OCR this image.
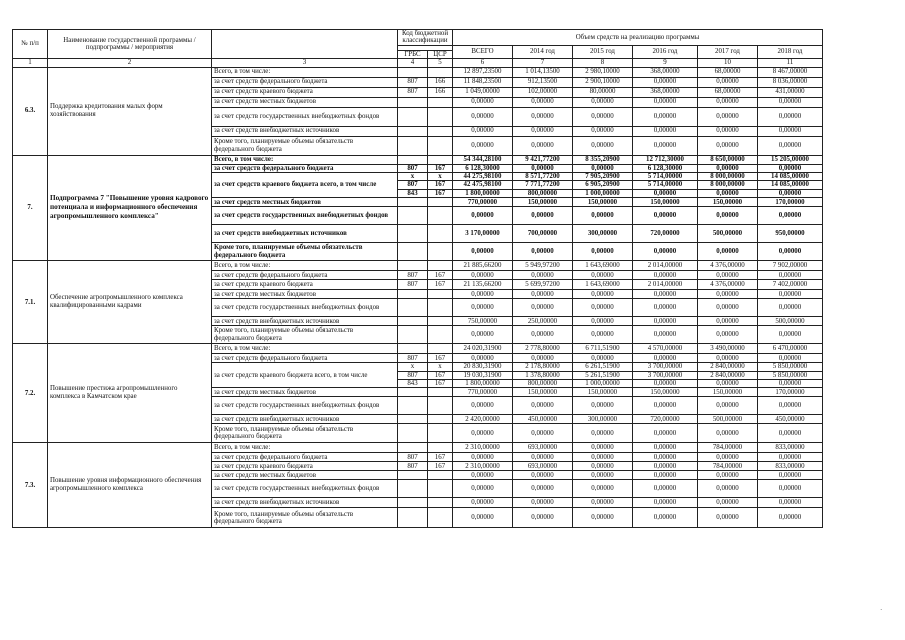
№ п/п	Наименование государственной программы / подпрограммы / мероприятия		Код бюджетной классификации		Объем средств на реализацию программы					
					ВСЕГО	2014 год	2015 год	2016 год	2017 год	2018 год
			ГРБС	ЦСР						
1	2	3	4	5	6	7	8	9	10	11
6.3.	Поддержка кредитования малых форм хозяйствования	Всего, в том числе:			12 897,23500	1 014,13500	2 980,10000	368,00000	68,00000	8 467,00000
		за счет средств федерального бюджета	807	166	11 848,23500	912,13500	2 900,10000	0,00000	0,00000	8 036,00000
		за счет средств краевого бюджета	807	166	1 049,00000	102,00000	80,00000	368,00000	68,00000	431,00000
		за счет средств местных бюджетов			0,00000	0,00000	0,00000	0,00000	0,00000	0,00000
		за счет средств государственных внебюджетных фондов			0,00000	0,00000	0,00000	0,00000	0,00000	0,00000
		за счет средств внебюджетных источников			0,00000	0,00000	0,00000	0,00000	0,00000	0,00000
		Кроме того, планируемые объемы обязательств федерального бюджета			0,00000	0,00000	0,00000	0,00000	0,00000	0,00000
7.	Подпрограмма 7 "Повышение уровня кадрового потенциала и информационного обеспечения агропромышленного комплекса"	Всего, в том числе:			54 344,28100	9 421,77200	8 355,20900	12 712,30000	8 650,00000	15 205,00000
		за счет средств федерального бюджета	807	167	6 128,30000	0,00000	0,00000	6 128,30000	0,00000	0,00000
		за счет средств краевого бюджета всего, в том числе	х	х	44 275,98100	8 571,77200	7 905,20900	5 714,00000	8 000,00000	14 085,00000
			807	167	42 475,98100	7 771,77200	6 905,20900	5 714,00000	8 000,00000	14 085,00000
			843	167	1 800,00000	800,00000	1 000,00000	0,00000	0,00000	0,00000
		за счет средств местных бюджетов			770,00000	150,00000	150,00000	150,00000	150,00000	170,00000
		за счет средств государственных внебюджетных фондов			0,00000	0,00000	0,00000	0,00000	0,00000	0,00000
		за счет средств внебюджетных источников			3 170,00000	700,00000	300,00000	720,00000	500,00000	950,00000
		Кроме того, планируемые объемы обязательств федерального бюджета			0,00000	0,00000	0,00000	0,00000	0,00000	0,00000
7.1.	Обеспечение агропромышленного комплекса квалифицированными кадрами	Всего, в том числе:			21 885,66200	5 949,97200	1 643,69000	2 014,00000	4 376,00000	7 902,00000
		за счет средств федерального бюджета	807	167	0,00000	0,00000	0,00000	0,00000	0,00000	0,00000
		за счет средств краевого бюджета	807	167	21 135,66200	5 699,97200	1 643,69000	2 014,00000	4 376,00000	7 402,00000
		за счет средств местных бюджетов			0,00000	0,00000	0,00000	0,00000	0,00000	0,00000
		за счет средств государственных внебюджетных фондов			0,00000	0,00000	0,00000	0,00000	0,00000	0,00000
		за счет средств внебюджетных источников			750,00000	250,00000	0,00000	0,00000	0,00000	500,00000
		Кроме того, планируемые объемы обязательств федерального бюджета			0,00000	0,00000	0,00000	0,00000	0,00000	0,00000
7.2.	Повышение престижа агропромышленного комплекса в Камчатском крае	Всего, в том числе:			24 020,31900	2 778,80000	6 711,51900	4 570,00000	3 490,00000	6 470,00000
		за счет средств федерального бюджета	807	167	0,00000	0,00000	0,00000	0,00000	0,00000	0,00000
		за счет средств краевого бюджета всего, в том числе	х	х	20 830,31900	2 178,80000	6 261,51900	3 700,00000	2 840,00000	5 850,00000
			807	167	19 030,31900	1 378,80000	5 261,51900	3 700,00000	2 840,00000	5 850,00000
			843	167	1 800,00000	800,00000	1 000,00000	0,00000	0,00000	0,00000
		за счет средств местных бюджетов			770,00000	150,00000	150,00000	150,00000	150,00000	170,00000
		за счет средств государственных внебюджетных фондов			0,00000	0,00000	0,00000	0,00000	0,00000	0,00000
		за счет средств внебюджетных источников			2 420,00000	450,00000	300,00000	720,00000	500,00000	450,00000
		Кроме того, планируемые объемы обязательств федерального бюджета			0,00000	0,00000	0,00000	0,00000	0,00000	0,00000
7.3.	Повышение уровня информационного обеспечения агропромышленного комплекса	Всего, в том числе:			2 310,00000	693,00000	0,00000	0,00000	784,00000	833,00000
		за счет средств федерального бюджета	807	167	0,00000	0,00000	0,00000	0,00000	0,00000	0,00000
		за счет средств краевого бюджета	807	167	2 310,00000	693,00000	0,00000	0,00000	784,00000	833,00000
		за счет средств местных бюджетов			0,00000	0,00000	0,00000	0,00000	0,00000	0,00000
		за счет средств государственных внебюджетных фондов			0,00000	0,00000	0,00000	0,00000	0,00000	0,00000
		за счет средств внебюджетных источников			0,00000	0,00000	0,00000	0,00000	0,00000	0,00000
		Кроме того, планируемые объемы обязательств федерального бюджета			0,00000	0,00000	0,00000	0,00000	0,00000	0,00000
·
